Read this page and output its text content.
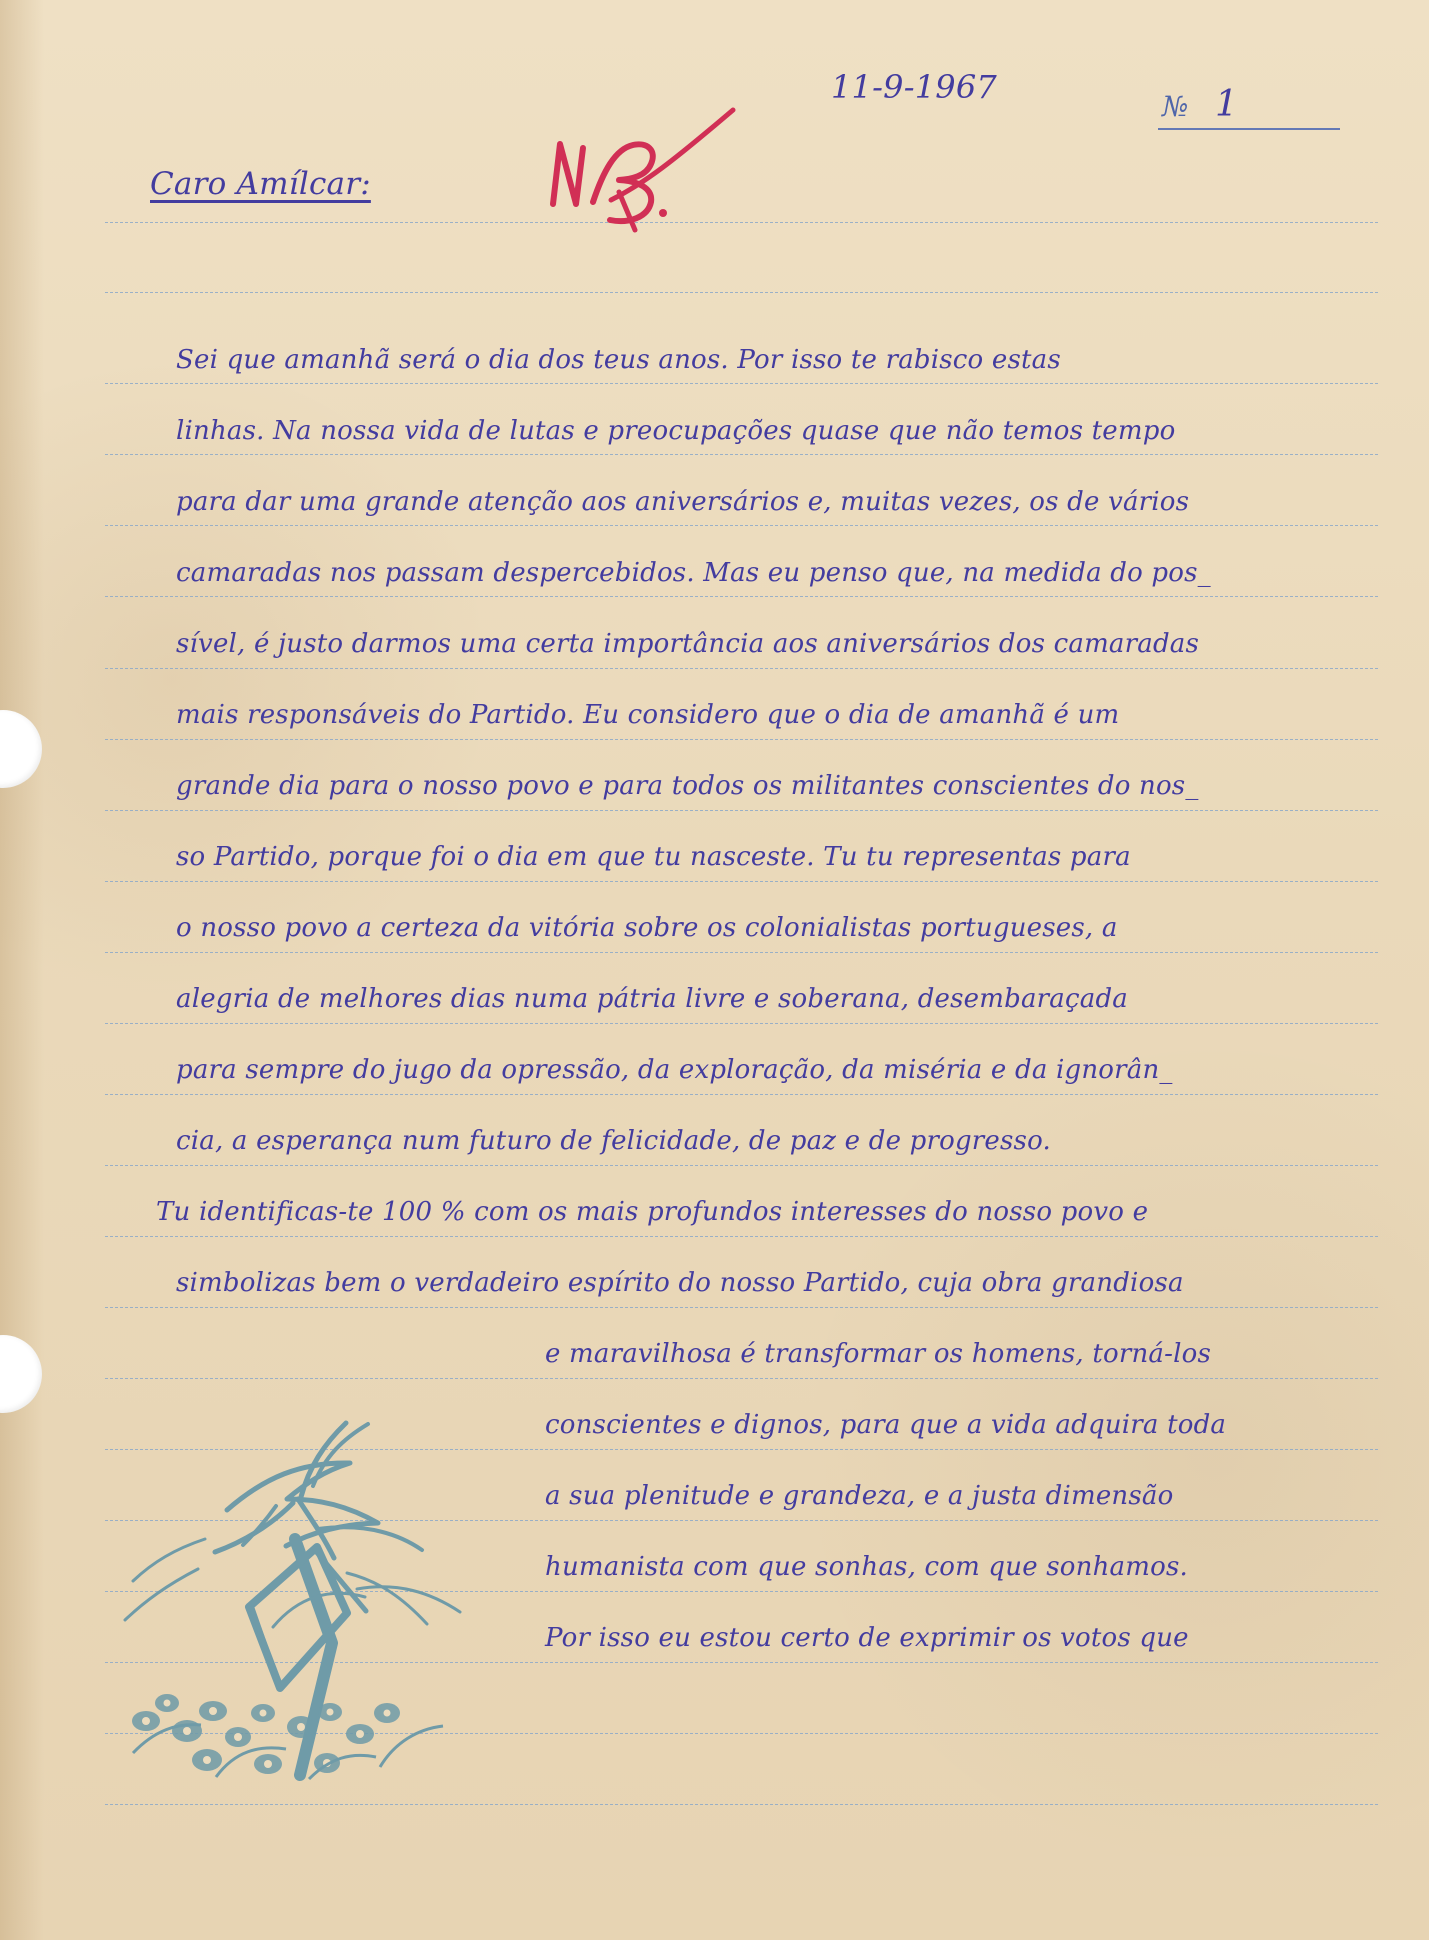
11-9-1967
№ 1
Caro Amílcar:
Sei que amanhã será o dia dos teus anos. Por isso te rabisco estas
linhas. Na nossa vida de lutas e preocupações quase que não temos tempo
para dar uma grande atenção aos aniversários e, muitas vezes, os de vários
camaradas nos passam despercebidos. Mas eu penso que, na medida do pos_
sível, é justo darmos uma certa importância aos aniversários dos camaradas
mais responsáveis do Partido. Eu considero que o dia de amanhã é um
grande dia para o nosso povo e para todos os militantes conscientes do nos_
so Partido, porque foi o dia em que tu nasceste. Tu tu representas para
o nosso povo a certeza da vitória sobre os colonialistas portugueses, a
alegria de melhores dias numa pátria livre e soberana, desembaraçada
para sempre do jugo da opressão, da exploração, da miséria e da ignorân_
cia, a esperança num futuro de felicidade, de paz e de progresso.
Tu identificas-te 100 % com os mais profundos interesses do nosso povo e
simbolizas bem o verdadeiro espírito do nosso Partido, cuja obra grandiosa
e maravilhosa é transformar os homens, torná-los
conscientes e dignos, para que a vida adquira toda
a sua plenitude e grandeza, e a justa dimensão
humanista com que sonhas, com que sonhamos.
Por isso eu estou certo de exprimir os votos que
